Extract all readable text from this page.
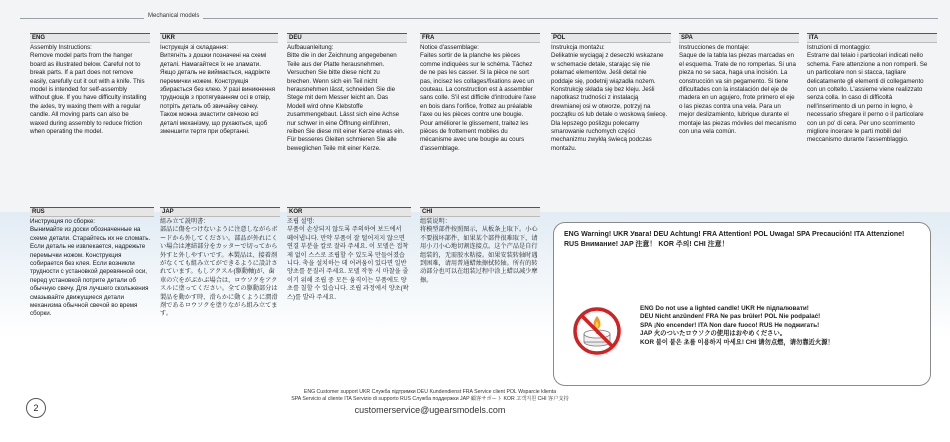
Mechanical models
ENG
Assembly Instructions:
Remove model parts from the hanger board as illustrated below. Careful not to break parts. If a part does not remove easily, carefully cut it out with a knife. This model is intended for self-assembly without glue. If you have difficulty installing the axles, try waxing them with a regular candle. All moving parts can also be waxed during assembly to reduce friction when operating the model.
UKR
Інструкція зі складання:
Витягніть з дошки позначені на схемі деталі. Намагайтеся їх не зламати. Якщо деталь не виймається, надріжте перемички ножем. Конструкція збирається без клею. У разі виникнення труднощів з протягуванням осі в отвір, потріть деталь об звичайну свічку. Також можна змастити свічкою всі деталі механізму, що рухаються, щоб зменшити тертя при обертанні.
DEU
Aufbauanleitung:
Bitte die in der Zeichnung angegebenen Teile aus der Platte herausnehmen. Versuchen Sie bitte diese nicht zu brechen. Wenn sich ein Teil nicht herausnehmen lässt, schneiden Sie die Stege mit dem Messer leicht an. Das Modell wird ohne Klebstoffe zusammengebaut. Lässt sich eine Achse nur schwer in eine Öffnung einführen, reiben Sie diese mit einer Kerze etwas ein. Für besseres Gleiten schmieren Sie alle beweglichen Teile mit einer Kerze.
FRA
Notice d'assemblage:
Faites sortir de la planche les pièces comme indiquées sur le schéma. Tâchez de ne pas les casser. Si la pièce ne sort pas, incisez les collages/fixations avec un couteau. La construction est à assembler sans colle. S'il est difficile d'introduire l'axe en bois dans l'orifice, frottez au préalable l'axe ou les pièces contre une bougie. Pour améliorer le glissement, traitez les pièces de frottement mobiles du mécanisme avec une bougie au cours d'assemblage.
POL
Instrukcja montażu:
Delikatnie wyciągaj z deseczki wskazane w schemacie detale, starając się nie połamać elementów. Jeśli detal nie poddaje się, podetnij wiązadła nożem. Konstrukcję składa się bez kleju. Jeśli napotkasz trudności z instalacją drewnianej osi w otworze, potrzyj na początku oś lub detale o woskową świecę. Dla lepszego poślizgu polecamy smarowanie ruchomych części mechanizmu zwykłą świecą podczas montażu.
SPA
Instrucciones de montaje:
Saque de la tabla las piezas marcadas en el esquema. Trate de no romperlas. Si una pieza no se saca, haga una incisión. La construcción va sin pegamento. Si tiene dificultades con la instalación del eje de madera en un agujero, frote primero el eje o las piezas contra una vela. Para un mejor deslizamiento, lubrique durante el montaje las piezas móviles del mecanismo con una vela común.
ITA
Istruzioni di montaggio:
Estrarre dal telaio i particolari indicati nello schema. Fare attenzione a non romperli. Se un particolare non si stacca, tagliare delicatamente gli elementi di collegamento con un coltello. L'assieme viene realizzato senza colla. In caso di difficoltà nell'inserimento di un perno in legno, è necessario sfregare il perno o il particolare con un po' di cera. Per uno scorrimento migliore incerare le parti mobili del meccanismo durante l'assemblaggio.
RUS
Инструкция по сборке:
Вынимайте из доски обозначенные на схеме детали. Старайтесь их не сломать. Если деталь не извлекается, надрежьте перемычки ножом. Конструкция собирается без клея. Если возникли трудности с установкой деревянной оси, перед установкой потрите детали об обычную свечу. Для лучшего скольжения смазывайте движущиеся детали механизма обычной свечой во время сборки.
JAP
組み立て説明書：
部品に傷をつけないように注意しながらボードから外してください。部品が外れにくい場合は連結部分をカッターで切ってから外すと外しやすいです。本製品は、接着剤がなくても組み立てができるように設計されています。もしアクスル(駆動軸)が、歯車の穴をがぶかぶ場合は、ロウソクをアクスルに塗ってください。全ての駆動部分は製品を動かす時、滑らかに動くように潤滑剤であるロウソクを塗りながら組み立てます。
KOR
조립 설명:
부품이 손상되지 않도록 주의하여 보드에서 떼어냅니다. 만약 부품이 잘 떨어지지 않으면 연결 부분을 칼로 잘라 주세요. 이 모델은 접착제 없이 스스로 조립할 수 있도록 만들어졌습니다. 축을 설치하는 데 어려움이 있다면 일반 양초를 문질러 주세요. 모델 작동 시 마찰을 줄이기 위해 조립 중 모든 움직이는 부품에도 양초를 칠할 수 있습니다. 조립 과정에서 양초(왁스)를 발라 주세요.
CHI
组装说明：
将模型部件按照图示，从板条上取下。小心不要损坏部件，如果某个部件很难取下，请用小刀小心地切割连接点。这个产品是自行组装的，无需胶水粘接。如果安装转轴时遇到困难，请用普通蜡烛擦拭转轴。所有的转动部分也可以在组装过程中涂上蜡以减少摩擦。
ENG Warning! UKR Увага! DEU Achtung! FRA Attention! POL Uwaga! SPA Precaución! ITA Attenzione! RUS Внимание! JAP 注意！ KOR 주의! CHI 注意！
ENG Do not use a lighted candle! UKR Не підпалювати!
DEU Nicht anzünden! FRA Ne pas brûler! POL Nie podpalać!
SPA ¡No encender! ITA Non dare fuoco! RUS Не поджигать!
JAP 火のついたロウソクの使用はおやめください。
KOR 불이 붙은 초를 이용하지 마세요! CHI 请勿点燃，请勿靠近火源！
2
ENG Customer support UKR Служба підтримки DEU Kundendienst FRA Service client POL Wsparcie klienta
SPA Servicio al cliente ITA Servizio di supporto RUS Служба поддержки JAP 顧客サポート KOR 고객지원 CHI 客户支持
customerservice@ugearsmodels.com
